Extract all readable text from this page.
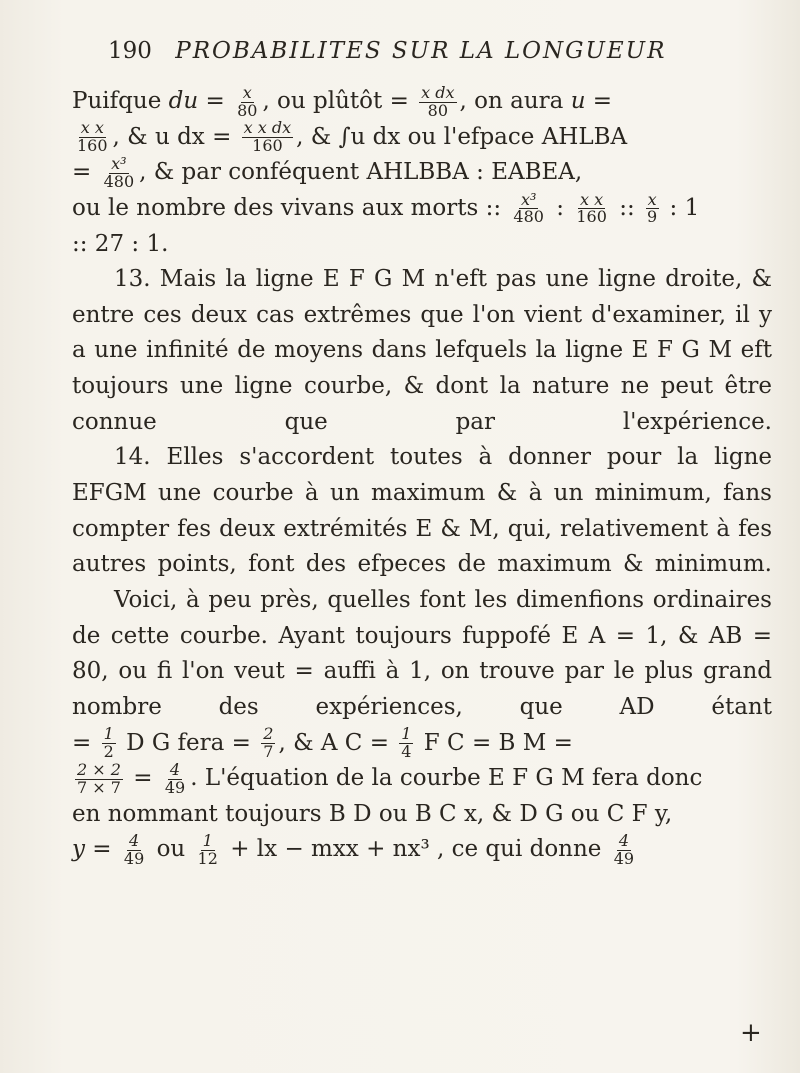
190 PROBABILITES SUR LA LONGUEUR
Puifque du = $\frac{x}{80}$ , ou plûtôt = $\frac{\text{x dx}}{80}$ , on aura u =
$\frac{\text{x x}}{160}$ , & u dx = $\frac{\text{x x dx}}{160}$ , & ∫u dx ou l'efpace AHLBA
= $\frac{\text{x³}}{480}$ , & par conféquent AHLBBA : EABEA,
ou le nombre des vivans aux morts :: $\frac{\text{x³}}{480}$ : $\frac{\text{x x}}{160}$ :: $\frac{x}{9}$ : 1
:: 27 : 1.
13. Mais la ligne E F G M n'eft pas une ligne droite, & entre ces deux cas extrêmes que l'on vient d'examiner, il y a une infinité de moyens dans lefquels la ligne E F G M eft toujours une ligne courbe, & dont la nature ne peut être connue que par l'expérience.
14. Elles s'accordent toutes à donner pour la ligne EFGM une courbe à un maximum & à un minimum, fans compter fes deux extrémités E & M, qui, relativement à fes autres points, font des efpeces de maximum & minimum.
Voici, à peu près, quelles font les dimenfions ordinaires de cette courbe. Ayant toujours fuppofé E A = 1, & AB = 80, ou fi l'on veut = auffi à 1, on trouve par le plus grand nombre des expériences, que AD étant
= $\frac{1}{2}$ D G fera = $\frac{2}{7}$ , & A $C = \frac{1}{4}$ F C = B M =
$\frac{2 \times 2}{7 \times 7} = \frac{4}{49}$ . L'équation de la courbe E F G M fera donc
en nommant toujours B D ou B C x, & D G ou C F y,
$y = \frac{4}{49}$ ou $\frac{1}{12}$ + lx − mxx + nx³ , ce qui donne $\frac{4}{49}$
+
